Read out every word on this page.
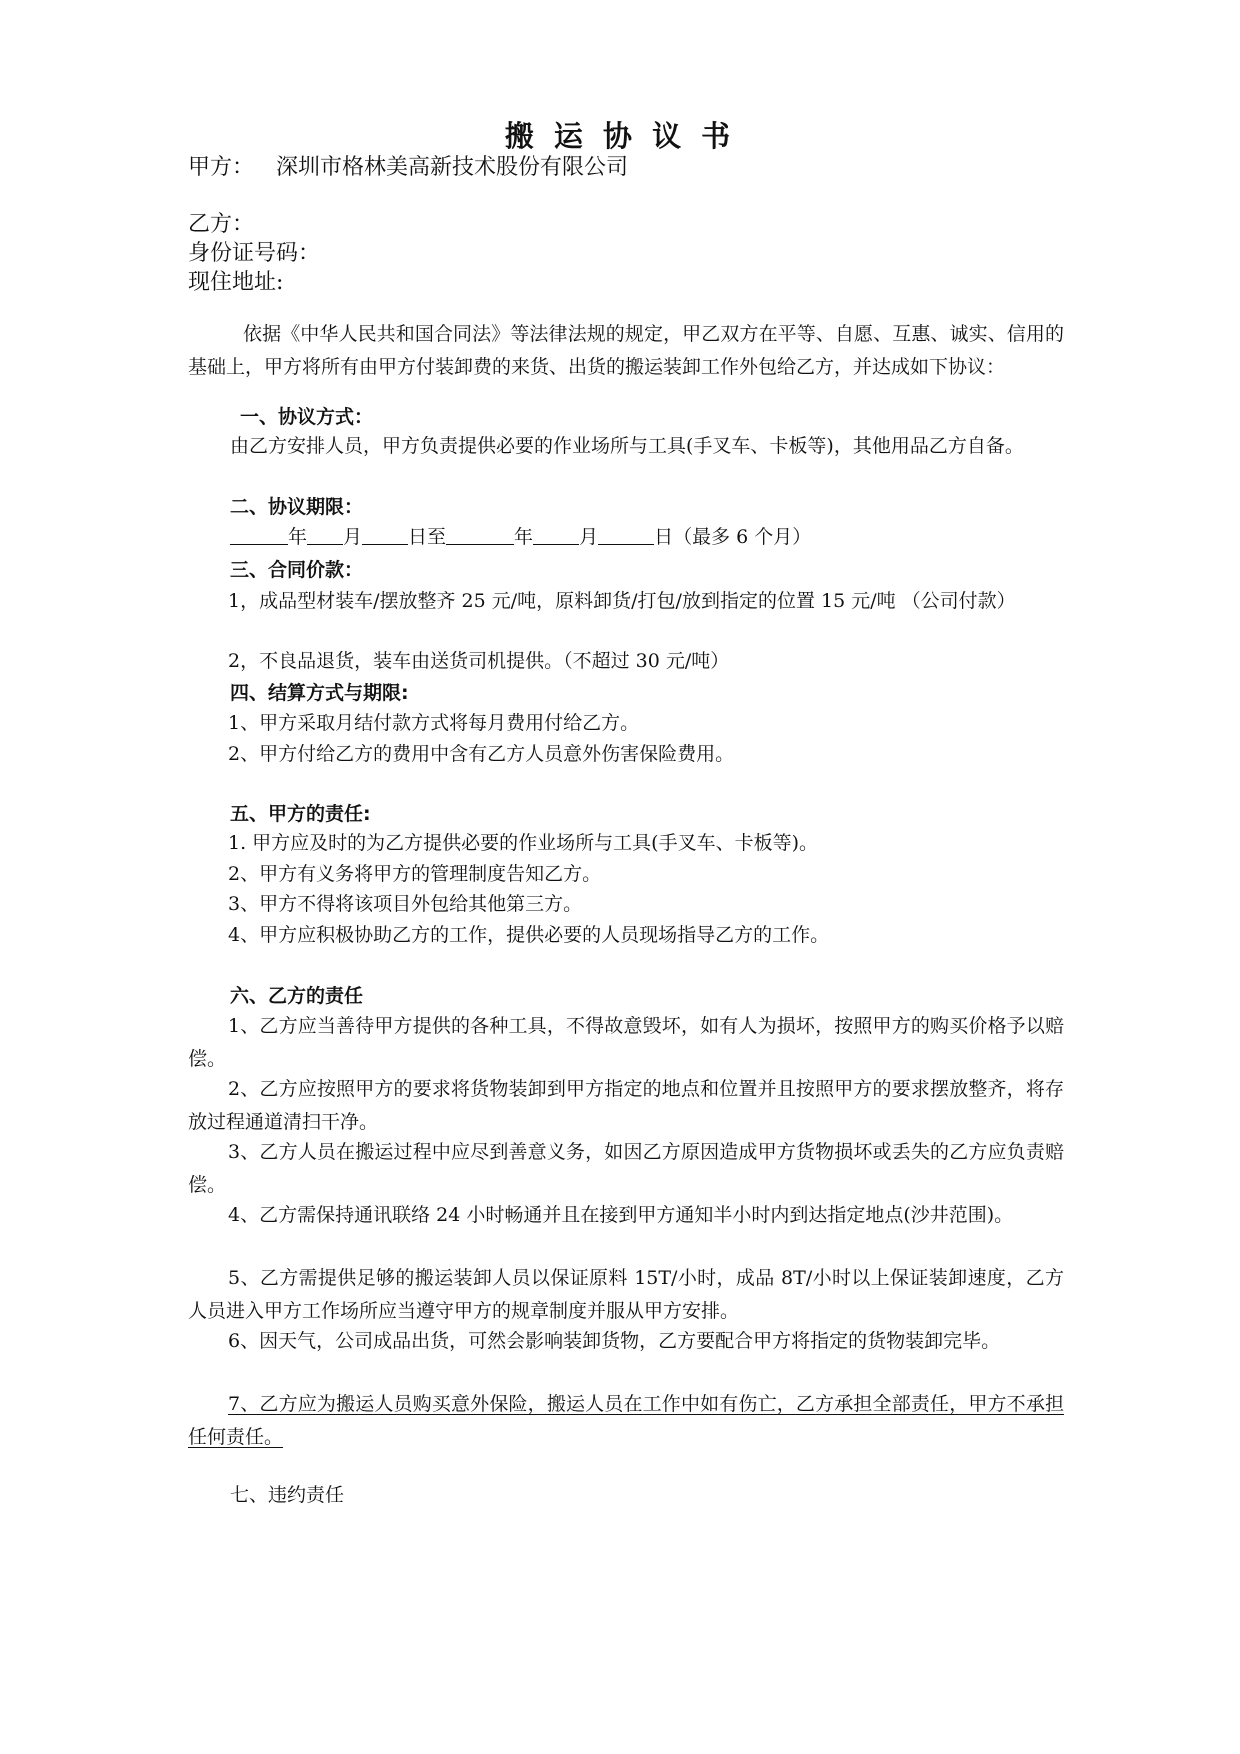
搬 运 协 议 书
甲方： 深圳市格林美高新技术股份有限公司
乙方：
身份证号码：
现住地址:
依据《中华人民共和国合同法》等法律法规的规定，甲乙双方在平等、自愿、互惠、诚实、信用的基础上，甲方将所有由甲方付装卸费的来货、出货的搬运装卸工作外包给乙方，并达成如下协议：
一、协议方式：
由乙方安排人员，甲方负责提供必要的作业场所与工具(手叉车、卡板等)，其他用品乙方自备。
二、协议期限：
年 月 日至	年 月	日（最多 6 个月）
三、合同价款：
1，成品型材装车/摆放整齐 25 元/吨，原料卸货/打包/放到指定的位置 15 元/吨 （公司付款）
2，不良品退货，装车由送货司机提供。（不超过 30 元/吨）
四、结算方式与期限:
1、甲方采取月结付款方式将每月费用付给乙方。
2、甲方付给乙方的费用中含有乙方人员意外伤害保险费用。
五、甲方的责任:
1. 甲方应及时的为乙方提供必要的作业场所与工具(手叉车、卡板等)。
2、甲方有义务将甲方的管理制度告知乙方。
3、甲方不得将该项目外包给其他第三方。
4、甲方应积极协助乙方的工作，提供必要的人员现场指导乙方的工作。
六、乙方的责任
1、乙方应当善待甲方提供的各种工具，不得故意毁坏，如有人为损坏，按照甲方的购买价格予以赔偿。
2、乙方应按照甲方的要求将货物装卸到甲方指定的地点和位置并且按照甲方的要求摆放整齐，将存放过程通道清扫干净。
3、乙方人员在搬运过程中应尽到善意义务，如因乙方原因造成甲方货物损坏或丢失的乙方应负责赔偿。
4、乙方需保持通讯联络 24 小时畅通并且在接到甲方通知半小时内到达指定地点(沙井范围)。
5、乙方需提供足够的搬运装卸人员以保证原料 15T/小时，成品 8T/小时以上保证装卸速度，乙方人员进入甲方工作场所应当遵守甲方的规章制度并服从甲方安排。
6、因天气，公司成品出货，可然会影响装卸货物，乙方要配合甲方将指定的货物装卸完毕。
7、乙方应为搬运人员购买意外保险，搬运人员在工作中如有伤亡，乙方承担全部责任，甲方不承担任何责任。
七、违约责任
